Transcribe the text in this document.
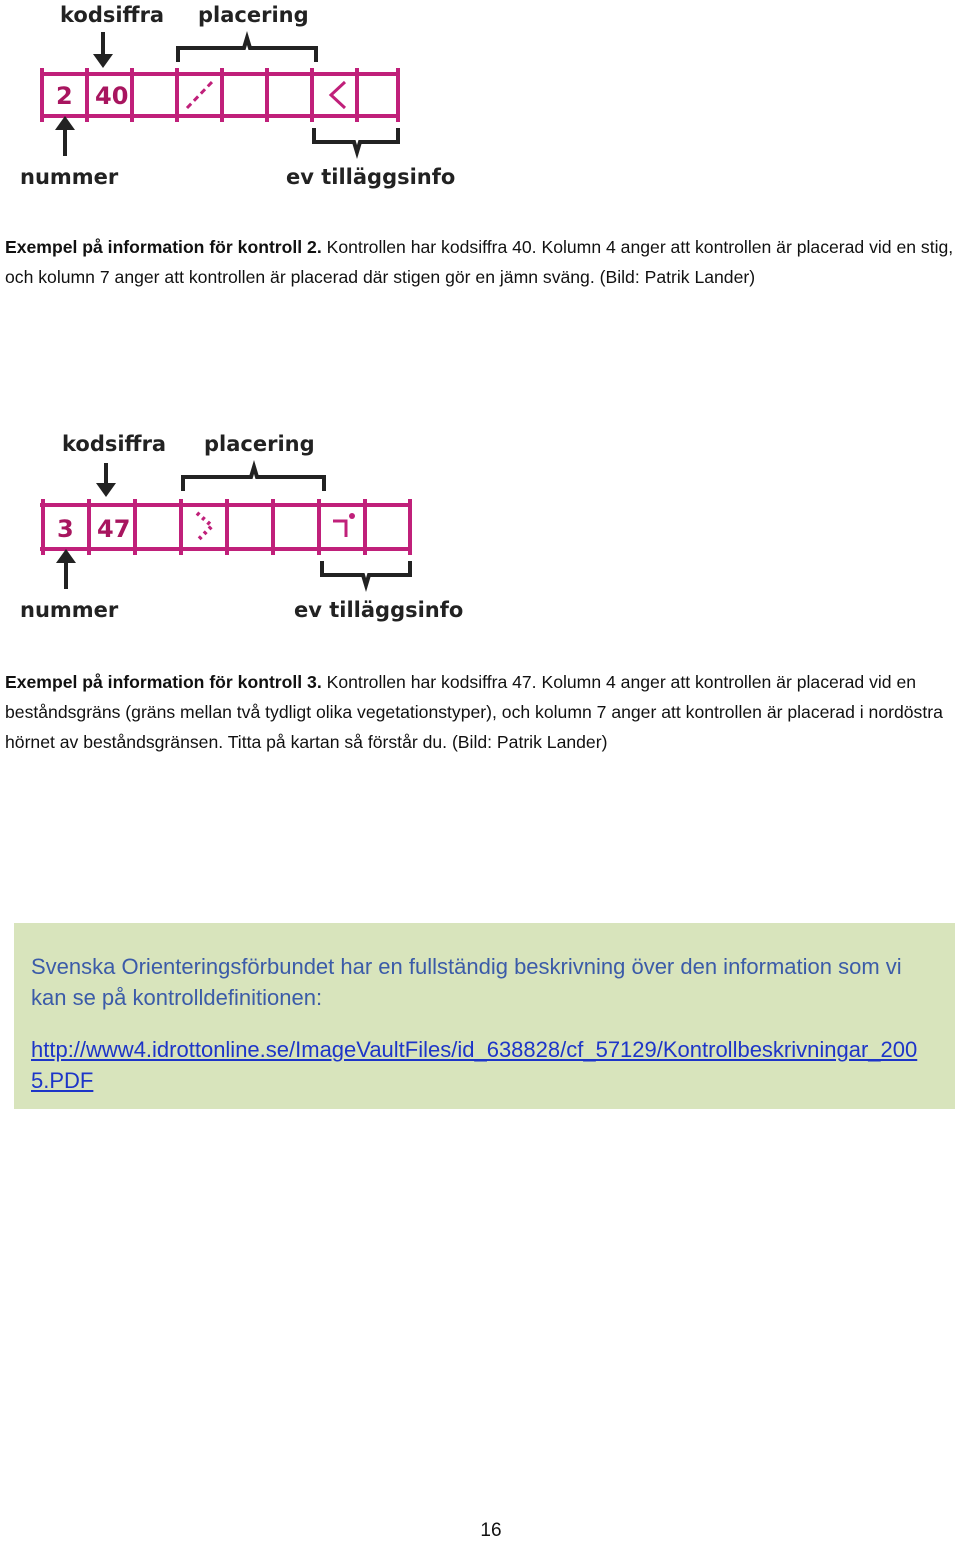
kodsiffra placering
2 40
nummer	ev tilläggsinfo

Exempel på information för kontroll 2. Kontrollen har kodsiffra 40. Kolumn 4 anger att kontrollen är placerad vid en stig, och kolumn 7 anger att kontrollen är placerad där stigen gör en jämn sväng. (Bild: Patrik Lander)

kodsiffra placering
3 47
nummer	ev tilläggsinfo

Exempel på information för kontroll 3. Kontrollen har kodsiffra 47. Kolumn 4 anger att kontrollen är placerad vid en beståndsgräns (gräns mellan två tydligt olika vegetationstyper), och kolumn 7 anger att kontrollen är placerad i nordöstra hörnet av beståndsgränsen. Titta på kartan så förstår du. (Bild: Patrik Lander)

Svenska Orienteringsförbundet har en fullständig beskrivning över den information som vi kan se på kontrolldefinitionen:

http://www4.idrottonline.se/ImageVaultFiles/id_638828/cf_57129/Kontrollbeskrivningar_2005.PDF

16
